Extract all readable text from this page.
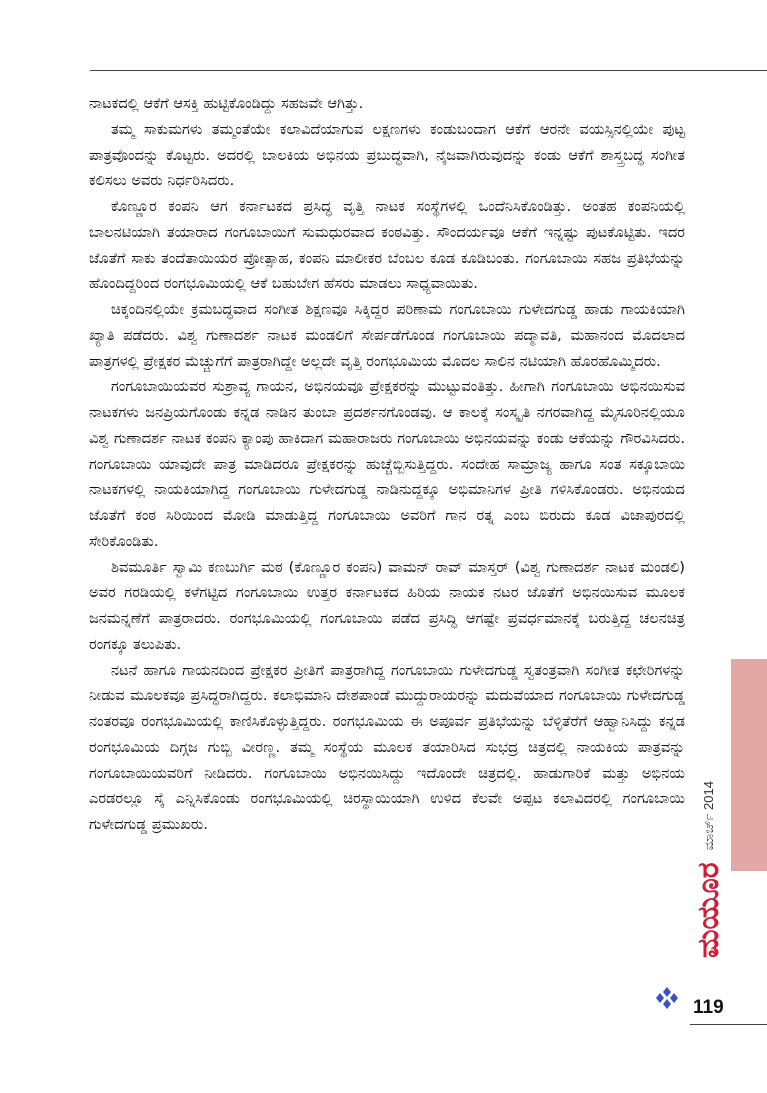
ನಾಟಕದಲ್ಲಿ ಆಕೆಗೆ ಆಸಕ್ತಿ ಹುಟ್ಟಿಕೊಂಡಿದ್ದು ಸಹಜವೇ ಆಗಿತ್ತು.

ತಮ್ಮ ಸಾಕುಮಗಳು ತಮ್ಮಂತೆಯೇ ಕಲಾವಿದೆಯಾಗುವ ಲಕ್ಷಣಗಳು ಕಂಡುಬಂದಾಗ ಆಕೆಗೆ ಆರನೇ ವಯಸ್ಸಿನಲ್ಲಿಯೇ ಪುಟ್ಟ ಪಾತ್ರವೊಂದನ್ನು ಕೊಟ್ಟರು. ಅದರಲ್ಲಿ ಬಾಲಕಿಯ ಅಭಿನಯ ಪ್ರಬುದ್ಧವಾಗಿ, ನೈಜವಾಗಿರುವುದನ್ನು ಕಂಡು ಆಕೆಗೆ ಶಾಸ್ತ್ರಬದ್ಧ ಸಂಗೀತ ಕಲಿಸಲು ಅವರು ನಿರ್ಧರಿಸಿದರು.

ಕೊಣ್ಣೂರ ಕಂಪನಿ ಆಗ ಕರ್ನಾಟಕದ ಪ್ರಸಿದ್ಧ ವೃತ್ತಿ ನಾಟಕ ಸಂಸ್ಥೆಗಳಲ್ಲಿ ಒಂದೆನಿಸಿಕೊಂಡಿತ್ತು. ಅಂತಹ ಕಂಪನಿಯಲ್ಲಿ ಬಾಲನಟಿಯಾಗಿ ತಯಾರಾದ ಗಂಗೂಬಾಯಿಗೆ ಸುಮಧುರವಾದ ಕಂಠವಿತ್ತು. ಸೌಂದರ್ಯವೂ ಆಕೆಗೆ ಇನ್ನಷ್ಟು ಪುಟಕೊಟ್ಟಿತು. ಇದರ ಜೊತೆಗೆ ಸಾಕು ತಂದೆತಾಯಿಯರ ಪ್ರೋತ್ಸಾಹ, ಕಂಪನಿ ಮಾಲೀಕರ ಬೆಂಬಲ ಕೂಡ ಕೂಡಿಬಂತು. ಗಂಗೂಬಾಯಿ ಸಹಜ ಪ್ರತಿಭೆಯನ್ನು ಹೊಂದಿದ್ದರಿಂದ ರಂಗಭೂಮಿಯಲ್ಲಿ ಆಕೆ ಬಹುಬೇಗ ಹೆಸರು ಮಾಡಲು ಸಾಧ್ಯವಾಯಿತು.

ಚಿಕ್ಕಂದಿನಲ್ಲಿಯೇ ಕ್ರಮಬದ್ಧವಾದ ಸಂಗೀತ ಶಿಕ್ಷಣವೂ ಸಿಕ್ಕಿದ್ದರ ಪರಿಣಾಮ ಗಂಗೂಬಾಯಿ ಗುಳೇದಗುಡ್ಡ ಹಾಡು ಗಾಯಕಿಯಾಗಿ ಖ್ಯಾತಿ ಪಡೆದರು. ವಿಶ್ವ ಗುಣಾದರ್ಶ ನಾಟಕ ಮಂಡಲಿಗೆ ಸೇರ್ಪಡೆಗೊಂಡ ಗಂಗೂಬಾಯಿ ಪದ್ಮಾವತಿ, ಮಹಾನಂದ ಮೊದಲಾದ ಪಾತ್ರಗಳಲ್ಲಿ ಪ್ರೇಕ್ಷಕರ ಮೆಚ್ಚುಗೆಗೆ ಪಾತ್ರರಾಗಿದ್ದೇ ಅಲ್ಲದೇ ವೃತ್ತಿ ರಂಗಭೂಮಿಯ ಮೊದಲ ಸಾಲಿನ ನಟಿಯಾಗಿ ಹೊರಹೊಮ್ಮಿದರು.

ಗಂಗೂಬಾಯಿಯವರ ಸುಶ್ರಾವ್ಯ ಗಾಯನ, ಅಭಿನಯವೂ ಪ್ರೇಕ್ಷಕರನ್ನು ಮುಟ್ಟುವಂತಿತ್ತು. ಹೀಗಾಗಿ ಗಂಗೂಬಾಯಿ ಅಭಿನಯಿಸುವ ನಾಟಕಗಳು ಜನಪ್ರಿಯಗೊಂಡು ಕನ್ನಡ ನಾಡಿನ ತುಂಬಾ ಪ್ರದರ್ಶನಗೊಂಡವು. ಆ ಕಾಲಕ್ಕೆ ಸಂಸ್ಕೃತಿ ನಗರವಾಗಿದ್ದ ಮೈಸೂರಿನಲ್ಲಿಯೂ ವಿಶ್ವ ಗುಣಾದರ್ಶ ನಾಟಕ ಕಂಪನಿ ಕ್ಯಾಂಪು ಹಾಕಿದಾಗ ಮಹಾರಾಜರು ಗಂಗೂಬಾಯಿ ಅಭಿನಯವನ್ನು ಕಂಡು ಆಕೆಯನ್ನು ಗೌರವಿಸಿದರು. ಗಂಗೂಬಾಯಿ ಯಾವುದೇ ಪಾತ್ರ ಮಾಡಿದರೂ ಪ್ರೇಕ್ಷಕರನ್ನು ಹುಚ್ಚೆಬ್ಬಿಸುತ್ತಿದ್ದರು. ಸಂದೇಹ ಸಾಮ್ರಾಜ್ಯ ಹಾಗೂ ಸಂತ ಸಕ್ಕೂಬಾಯಿ ನಾಟಕಗಳಲ್ಲಿ ನಾಯಕಿಯಾಗಿದ್ದ ಗಂಗೂಬಾಯಿ ಗುಳೇದಗುಡ್ಡ ನಾಡಿನುದ್ದಕ್ಕೂ ಅಭಿಮಾನಿಗಳ ಪ್ರೀತಿ ಗಳಿಸಿಕೊಂಡರು. ಅಭಿನಯದ ಜೊತೆಗೆ ಕಂಠ ಸಿರಿಯಿಂದ ಮೋಡಿ ಮಾಡುತ್ತಿದ್ದ ಗಂಗೂಬಾಯಿ ಅವರಿಗೆ ಗಾನ ರತ್ನ ಎಂಬ ಬಿರುದು ಕೂಡ ವಿಜಾಪುರದಲ್ಲಿ ಸೇರಿಕೊಂಡಿತು.

ಶಿವಮೂರ್ತಿ ಸ್ವಾಮಿ ಕಣಬುರ್ಗಿ ಮಠ (ಕೊಣ್ಣೂರ ಕಂಪನಿ) ವಾಮನ್ ರಾವ್ ಮಾಸ್ತರ್ (ವಿಶ್ವ ಗುಣಾದರ್ಶ ನಾಟಕ ಮಂಡಲಿ) ಅವರ ಗರಡಿಯಲ್ಲಿ ಕಳೆಗಟ್ಟಿದ ಗಂಗೂಬಾಯಿ ಉತ್ತರ ಕರ್ನಾಟಕದ ಹಿರಿಯ ನಾಯಕ ನಟರ ಜೊತೆಗೆ ಅಭಿನಯಿಸುವ ಮೂಲಕ ಜನಮನ್ನಣೆಗೆ ಪಾತ್ರರಾದರು. ರಂಗಭೂಮಿಯಲ್ಲಿ ಗಂಗೂಬಾಯಿ ಪಡೆದ ಪ್ರಸಿದ್ಧಿ ಆಗಷ್ಟೇ ಪ್ರವರ್ಧಮಾನಕ್ಕೆ ಬರುತ್ತಿದ್ದ ಚಲನಚಿತ್ರ ರಂಗಕ್ಕೂ ತಲುಪಿತು.

ನಟನೆ ಹಾಗೂ ಗಾಯನದಿಂದ ಪ್ರೇಕ್ಷಕರ ಪ್ರೀತಿಗೆ ಪಾತ್ರರಾಗಿದ್ದ ಗಂಗೂಬಾಯಿ ಗುಳೇದಗುಡ್ಡ ಸ್ವತಂತ್ರವಾಗಿ ಸಂಗೀತ ಕಛೇರಿಗಳನ್ನು ನೀಡುವ ಮೂಲಕವೂ ಪ್ರಸಿದ್ಧರಾಗಿದ್ದರು. ಕಲಾಭಿಮಾನಿ ದೇಶಪಾಂಡೆ ಮುದ್ದುರಾಯರನ್ನು ಮದುವೆಯಾದ ಗಂಗೂಬಾಯಿ ಗುಳೇದಗುಡ್ಡ ನಂತರವೂ ರಂಗಭೂಮಿಯಲ್ಲಿ ಕಾಣಿಸಿಕೊಳ್ಳುತ್ತಿದ್ದರು. ರಂಗಭೂಮಿಯ ಈ ಅಪೂರ್ವ ಪ್ರತಿಭೆಯನ್ನು ಬೆಳ್ಳಿತೆರೆಗೆ ಆಹ್ವಾನಿಸಿದ್ದು ಕನ್ನಡ ರಂಗಭೂಮಿಯ ದಿಗ್ಗಜ ಗುಬ್ಬಿ ವೀರಣ್ಣ. ತಮ್ಮ ಸಂಸ್ಥೆಯ ಮೂಲಕ ತಯಾರಿಸಿದ ಸುಭದ್ರ ಚಿತ್ರದಲ್ಲಿ ನಾಯಕಿಯ ಪಾತ್ರವನ್ನು ಗಂಗೂಬಾಯಿಯವರಿಗೆ ನೀಡಿದರು. ಗಂಗೂಬಾಯಿ ಅಭಿನಯಿಸಿದ್ದು ಇದೊಂದೇ ಚಿತ್ರದಲ್ಲಿ. ಹಾಡುಗಾರಿಕೆ ಮತ್ತು ಅಭಿನಯ ಎರಡರಲ್ಲೂ ಸೈ ಎನ್ನಿಸಿಕೊಂಡು ರಂಗಭೂಮಿಯಲ್ಲಿ ಚಿರಸ್ಥಾಯಿಯಾಗಿ ಉಳಿದ ಕೆಲವೇ ಅಪ್ಪಟ ಕಲಾವಿದರಲ್ಲಿ ಗಂಗೂಬಾಯಿ ಗುಳೇದಗುಡ್ಡ ಪ್ರಮುಖರು.

ಮಯೂರ
ಮಾರ್ಚ್ 2014
119
